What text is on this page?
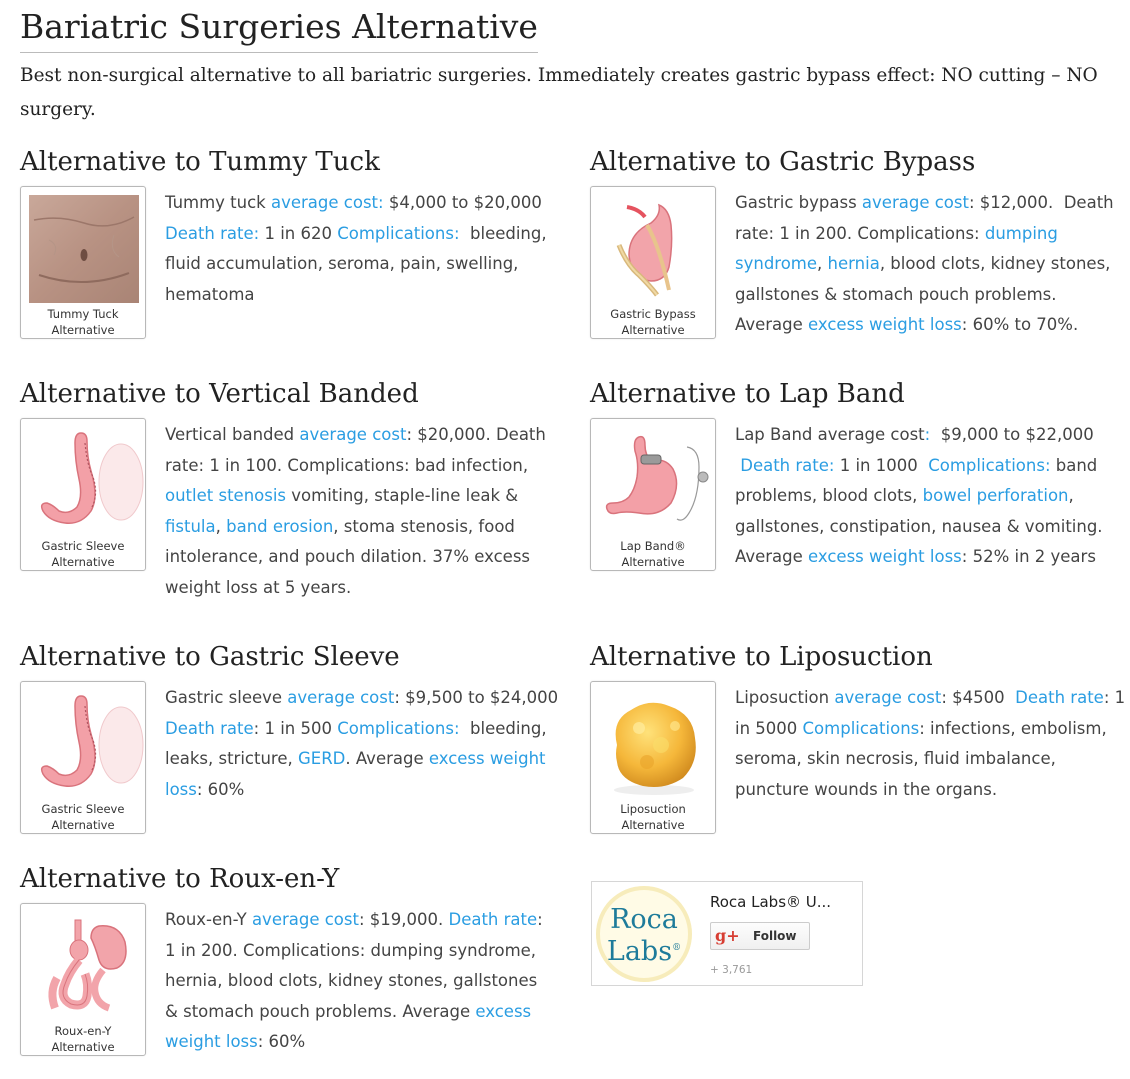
Bariatric Surgeries Alternative

Best non-surgical alternative to all bariatric surgeries. Immediately creates gastric bypass effect: NO cutting – NO surgery.

Alternative to Tummy Tuck
Tummy Tuck
Alternative

Tummy tuck average cost: $4,000 to $20,000
Death rate: 1 in 620 Complications:  bleeding,
fluid accumulation, seroma, pain, swelling,
hematoma

Alternative to Gastric Bypass
Gastric Bypass
Alternative

Gastric bypass average cost: $12,000.  Death
rate: 1 in 200. Complications: dumping
syndrome, hernia, blood clots, kidney stones,
gallstones & stomach pouch problems.
Average excess weight loss: 60% to 70%.

Alternative to Vertical Banded
Gastric Sleeve
Alternative

Vertical banded average cost: $20,000. Death
rate: 1 in 100. Complications: bad infection,
outlet stenosis vomiting, staple-line leak &
fistula, band erosion, stoma stenosis, food
intolerance, and pouch dilation. 37% excess
weight loss at 5 years.

Alternative to Lap Band
Lap Band®
Alternative

Lap Band average cost:  $9,000 to $22,000
Death rate: 1 in 1000  Complications: band
problems, blood clots, bowel perforation,
gallstones, constipation, nausea & vomiting.
Average excess weight loss: 52% in 2 years

Alternative to Gastric Sleeve
Gastric Sleeve
Alternative

Gastric sleeve average cost: $9,500 to $24,000
Death rate: 1 in 500 Complications:  bleeding,
leaks, stricture, GERD. Average excess weight
loss: 60%

Alternative to Liposuction
Liposuction
Alternative

Liposuction average cost: $4500  Death rate: 1
in 5000 Complications: infections, embolism,
seroma, skin necrosis, fluid imbalance,
puncture wounds in the organs.

Alternative to Roux-en-Y
Roux-en-Y
Alternative

Roux-en-Y average cost: $19,000. Death rate:
1 in 200. Complications: dumping syndrome,
hernia, blood clots, kidney stones, gallstones
& stomach pouch problems. Average excess
weight loss: 60%

Roca
Labs®
Roca Labs® U...
g+ Follow
+ 3,761
